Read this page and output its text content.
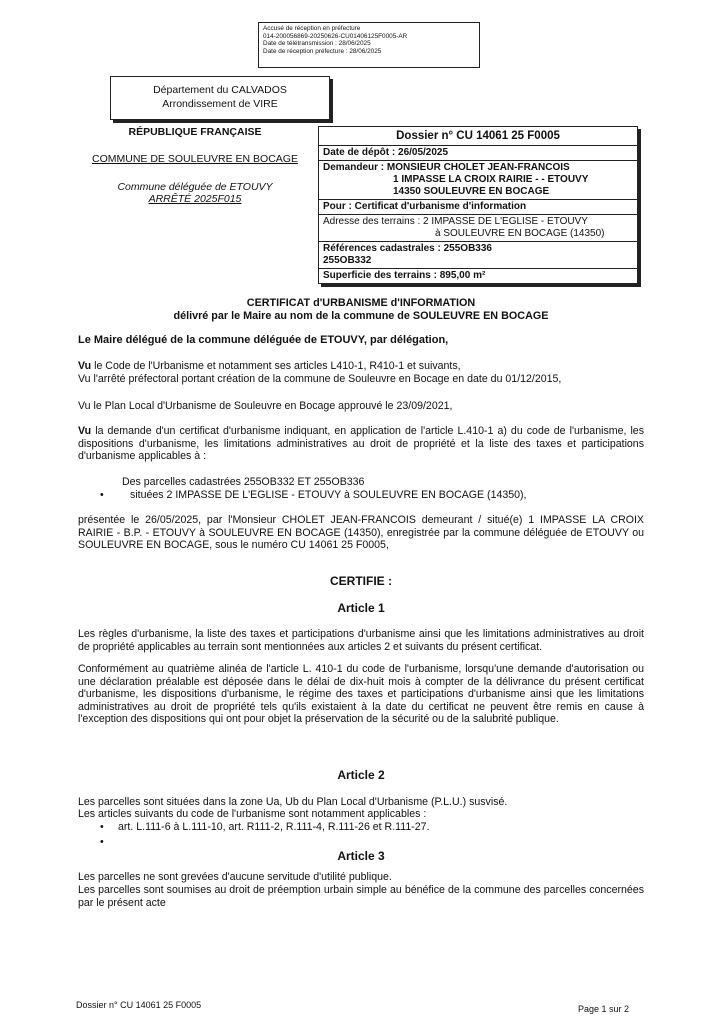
Accusé de réception en préfecture
014-200056869-20250626-CU01406125F0005-AR
Date de télétransmission : 28/06/2025
Date de réception préfecture : 28/06/2025
Département du CALVADOS
Arrondissement de VIRE
RÉPUBLIQUE FRANÇAISE
COMMUNE DE SOULEUVRE EN BOCAGE
Commune déléguée de ETOUVY
ARRÊTÉ 2025F015
Dossier n° CU 14061 25 F0005
Date de dépôt : 26/05/2025
Demandeur : MONSIEUR CHOLET JEAN-FRANCOIS
1 IMPASSE LA CROIX RAIRIE - - ETOUVY
14350 SOULEUVRE EN BOCAGE
Pour : Certificat d'urbanisme d'information
Adresse des terrains : 2 IMPASSE DE L'EGLISE - ETOUVY
à SOULEUVRE EN BOCAGE (14350)
Références cadastrales : 255OB336
255OB332
Superficie des terrains : 895,00 m²
CERTIFICAT d'URBANISME d'INFORMATION
délivré par le Maire au nom de la commune de SOULEUVRE EN BOCAGE
Le Maire délégué de la commune déléguée de ETOUVY, par délégation,
Vu le Code de l'Urbanisme et notamment ses articles L410-1, R410-1 et suivants,
Vu l'arrêté préfectoral portant création de la commune de Souleuvre en Bocage en date du 01/12/2015,
Vu le Plan Local d'Urbanisme de Souleuvre en Bocage approuvé le 23/09/2021,
Vu la demande d'un certificat d'urbanisme indiquant, en application de l'article L.410-1 a) du code de l'urbanisme, les dispositions d'urbanisme, les limitations administratives au droit de propriété et la liste des taxes et participations d'urbanisme applicables à :
Des parcelles cadastrées 255OB332 ET 255OB336
• situées 2 IMPASSE DE L'EGLISE - ETOUVY à SOULEUVRE EN BOCAGE (14350),
présentée le 26/05/2025, par l'Monsieur CHOLET JEAN-FRANCOIS demeurant / situé(e) 1 IMPASSE LA CROIX RAIRIE - B.P. - ETOUVY à SOULEUVRE EN BOCAGE (14350), enregistrée par la commune déléguée de ETOUVY ou SOULEUVRE EN BOCAGE, sous le numéro CU 14061 25 F0005,
CERTIFIE :
Article 1
Les règles d'urbanisme, la liste des taxes et participations d'urbanisme ainsi que les limitations administratives au droit de propriété applicables au terrain sont mentionnées aux articles 2 et suivants du présent certificat.
Conformément au quatrième alinéa de l'article L. 410-1 du code de l'urbanisme, lorsqu'une demande d'autorisation ou une déclaration préalable est déposée dans le délai de dix-huit mois à compter de la délivrance du présent certificat d'urbanisme, les dispositions d'urbanisme, le régime des taxes et participations d'urbanisme ainsi que les limitations administratives au droit de propriété tels qu'ils existaient à la date du certificat ne peuvent être remis en cause à l'exception des dispositions qui ont pour objet la préservation de la sécurité ou de la salubrité publique.
Article 2
Les parcelles sont situées dans la zone Ua, Ub du Plan Local d'Urbanisme (P.L.U.) susvisé.
Les articles suivants du code de l'urbanisme sont notamment applicables :
• art. L.111-6 à L.111-10, art. R111-2, R.111-4, R.111-26 et R.111-27.
•
Article 3
Les parcelles ne sont grevées d'aucune servitude d'utilité publique.
Les parcelles sont soumises au droit de préemption urbain simple au bénéfice de la commune des parcelles concernées par le présent acte
Dossier n° CU 14061 25 F0005	Page 1 sur 2
